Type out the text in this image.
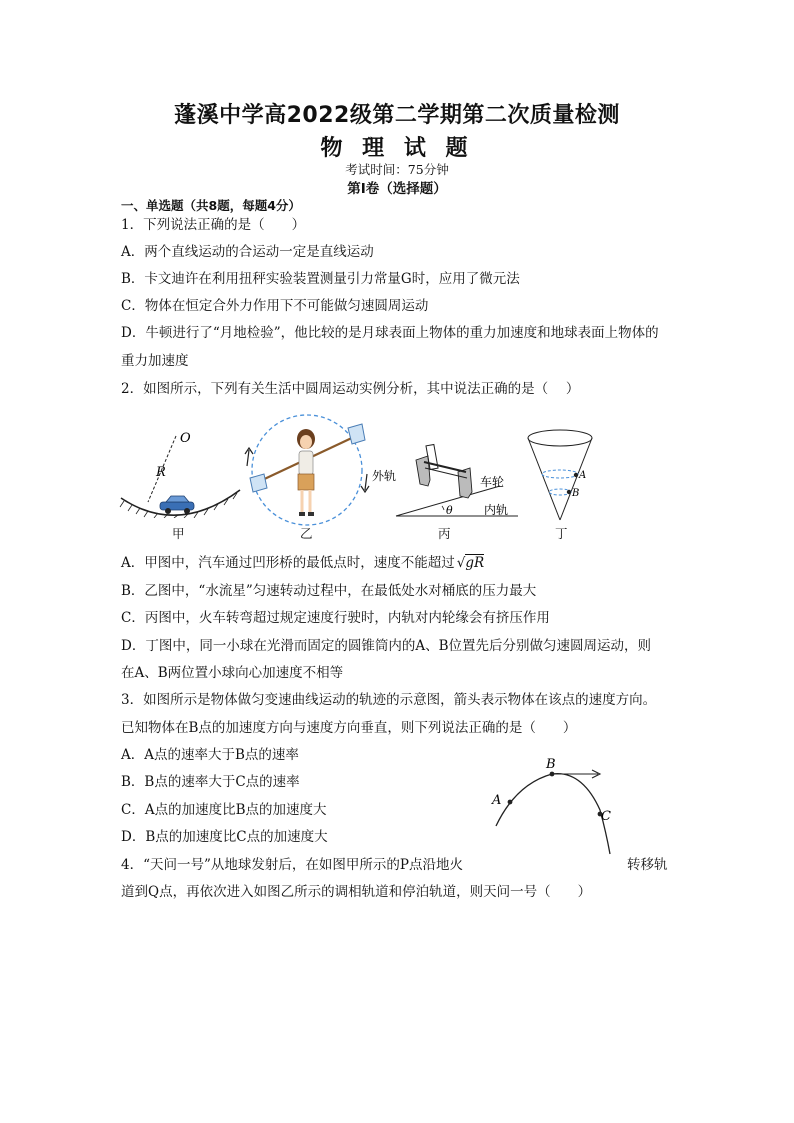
蓬溪中学高2022级第二学期第二次质量检测
物 理 试 题
考试时间：75分钟
第Ⅰ卷（选择题）
一、单选题（共8题，每题4分）
1．下列说法正确的是（　　）
A．两个直线运动的合运动一定是直线运动
B．卡文迪许在利用扭秤实验装置测量引力常量G时，应用了微元法
C．物体在恒定合外力作用下不可能做匀速圆周运动
D．牛顿进行了“月地检验”，他比较的是月球表面上物体的重力加速度和地球表面上物体的
重力加速度
2．如图所示，下列有关生活中圆周运动实例分析，其中说法正确的是（　 ）
O
R
甲	乙
外轨	车轮
内轨
θ
丙
A
B
丁
A．甲图中，汽车通过凹形桥的最低点时，速度不能超过 √gR
B．乙图中，“水流星”匀速转动过程中，在最低处水对桶底的压力最大
C．丙图中，火车转弯超过规定速度行驶时，内轨对内轮缘会有挤压作用
D．丁图中，同一小球在光滑而固定的圆锥筒内的A、B位置先后分别做匀速圆周运动，则
在A、B两位置小球向心加速度不相等
3．如图所示是物体做匀变速曲线运动的轨迹的示意图，箭头表示物体在该点的速度方向。
已知物体在B点的加速度方向与速度方向垂直，则下列说法正确的是（　　）
A．A点的速率大于B点的速率
B．B点的速率大于C点的速率
C．A点的加速度比B点的加速度大
D．B点的加速度比C点的加速度大
A
B
C
4．“天问一号”从地球发射后，在如图甲所示的P点沿地火	转移轨
道到Q点，再依次进入如图乙所示的调相轨道和停泊轨道，则天问一号（　　）
